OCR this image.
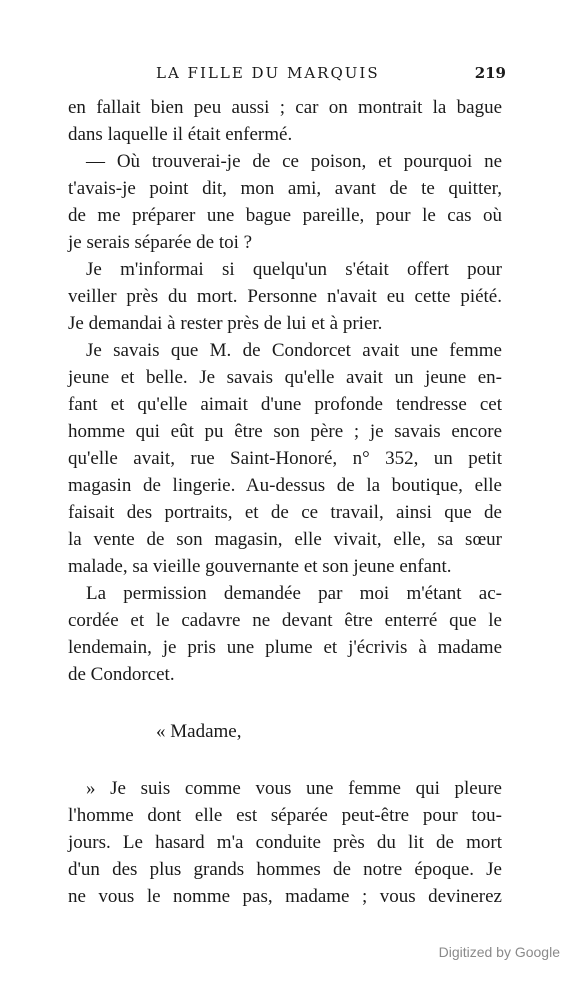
LA FILLE DU MARQUIS	219
en fallait bien peu aussi ; car on montrait la bague
dans laquelle il était enfermé.
— Où trouverai-je de ce poison, et pourquoi ne
t'avais-je point dit, mon ami, avant de te quitter,
de me préparer une bague pareille, pour le cas où
je serais séparée de toi ?
Je m'informai si quelqu'un s'était offert pour
veiller près du mort. Personne n'avait eu cette piété.
Je demandai à rester près de lui et à prier.
Je savais que M. de Condorcet avait une femme
jeune et belle. Je savais qu'elle avait un jeune en-
fant et qu'elle aimait d'une profonde tendresse cet
homme qui eût pu être son père ; je savais encore
qu'elle avait, rue Saint-Honoré, n° 352, un petit
magasin de lingerie. Au-dessus de la boutique, elle
faisait des portraits, et de ce travail, ainsi que de
la vente de son magasin, elle vivait, elle, sa sœur
malade, sa vieille gouvernante et son jeune enfant.
La permission demandée par moi m'étant ac-
cordée et le cadavre ne devant être enterré que le
lendemain, je pris une plume et j'écrivis à madame
de Condorcet.
« Madame,
» Je suis comme vous une femme qui pleure
l'homme dont elle est séparée peut-être pour tou-
jours. Le hasard m'a conduite près du lit de mort
d'un des plus grands hommes de notre époque. Je
ne vous le nomme pas, madame ; vous devinerez
Digitized by Google
